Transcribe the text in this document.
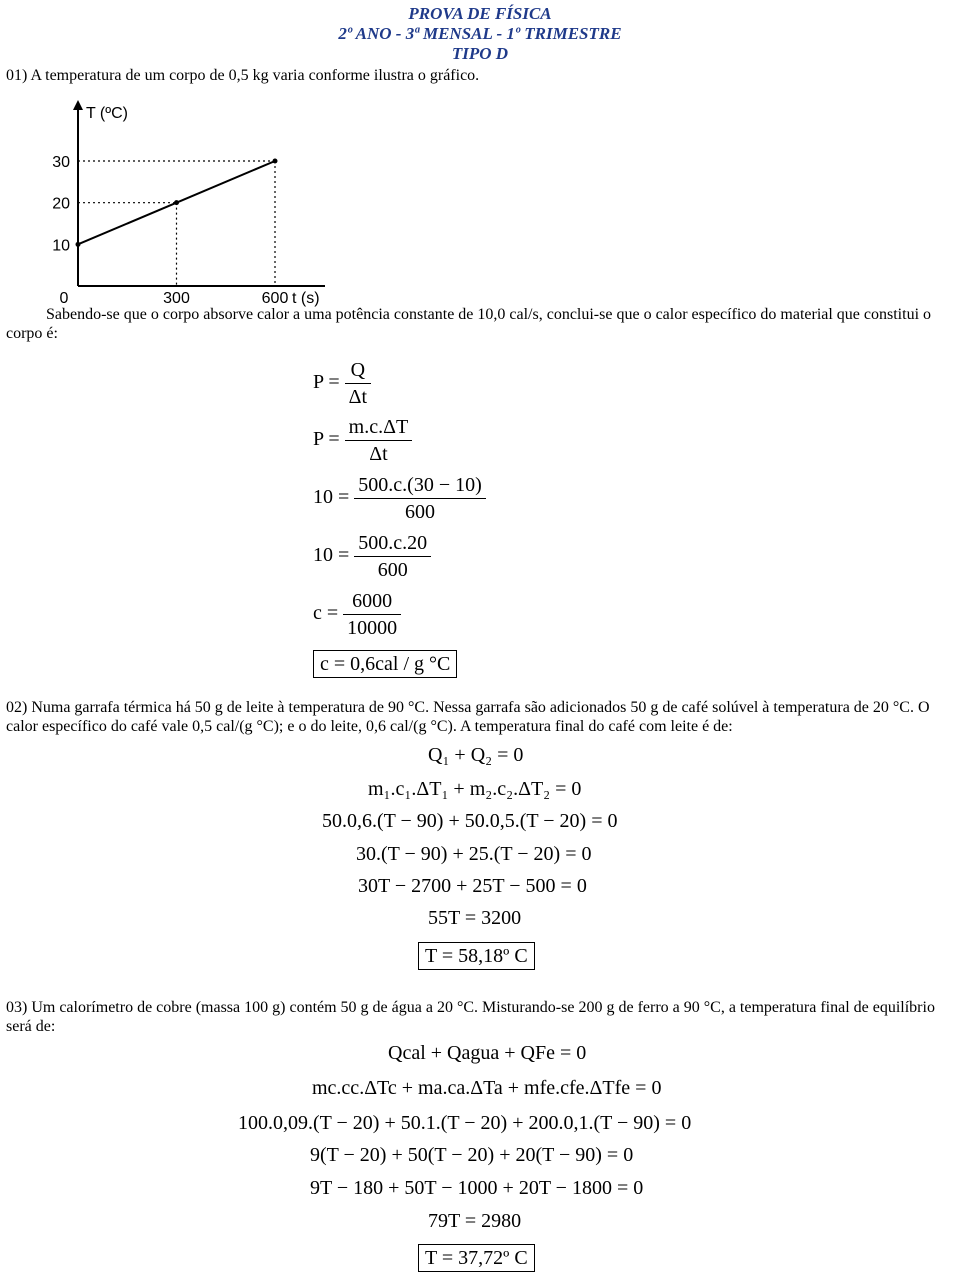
PROVA DE FÍSICA
2º ANO - 3ª MENSAL - 1º TRIMESTRE
TIPO D
01) A temperatura de um corpo de 0,5 kg varia conforme ilustra o gráfico.
T (ºC)
t (s)
0	300	600
10
20
30
Sabendo-se que o corpo absorve calor a uma potência constante de 10,0 cal/s, conclui-se que o calor específico do material que constitui o corpo é:
$P = \frac{Q}{\Delta t}$
$P = \frac{m.c.\Delta T}{\Delta t}$
$10 = \frac{500.c.(30 - 10)}{600}$
$10 = \frac{500.c.20}{600}$
$c = \frac{6000}{10000}$
c = 0,6cal / g °C
02) Numa garrafa térmica há 50 g de leite à temperatura de 90 °C. Nessa garrafa são adicionados 50 g de café solúvel à temperatura de 20 °C. O calor específico do café vale 0,5 cal/(g °C); e o do leite, 0,6 cal/(g °C). A temperatura final do café com leite é de:
Q₁ + Q₂ = 0
m₁.c₁.ΔT₁ + m₂.c₂.ΔT₂ = 0
50.0,6.(T − 90) + 50.0,5.(T − 20) = 0
30.(T − 90) + 25.(T − 20) = 0
30T − 2700 + 25T − 500 = 0
55T = 3200
T = 58,18º C
03) Um calorímetro de cobre (massa 100 g) contém 50 g de água a 20 °C. Misturando-se 200 g de ferro a 90 °C, a temperatura final de equilíbrio será de:
Qcal + Qagua + QFe = 0
mc.cc.ΔTc + ma.ca.ΔTa + mfe.cfe.ΔTfe = 0
100.0,09.(T − 20) + 50.1.(T − 20) + 200.0,1.(T − 90) = 0
9(T − 20) + 50(T − 20) + 20(T − 90) = 0
9T − 180 + 50T − 1000 + 20T − 1800 = 0
79T = 2980
T = 37,72º C
